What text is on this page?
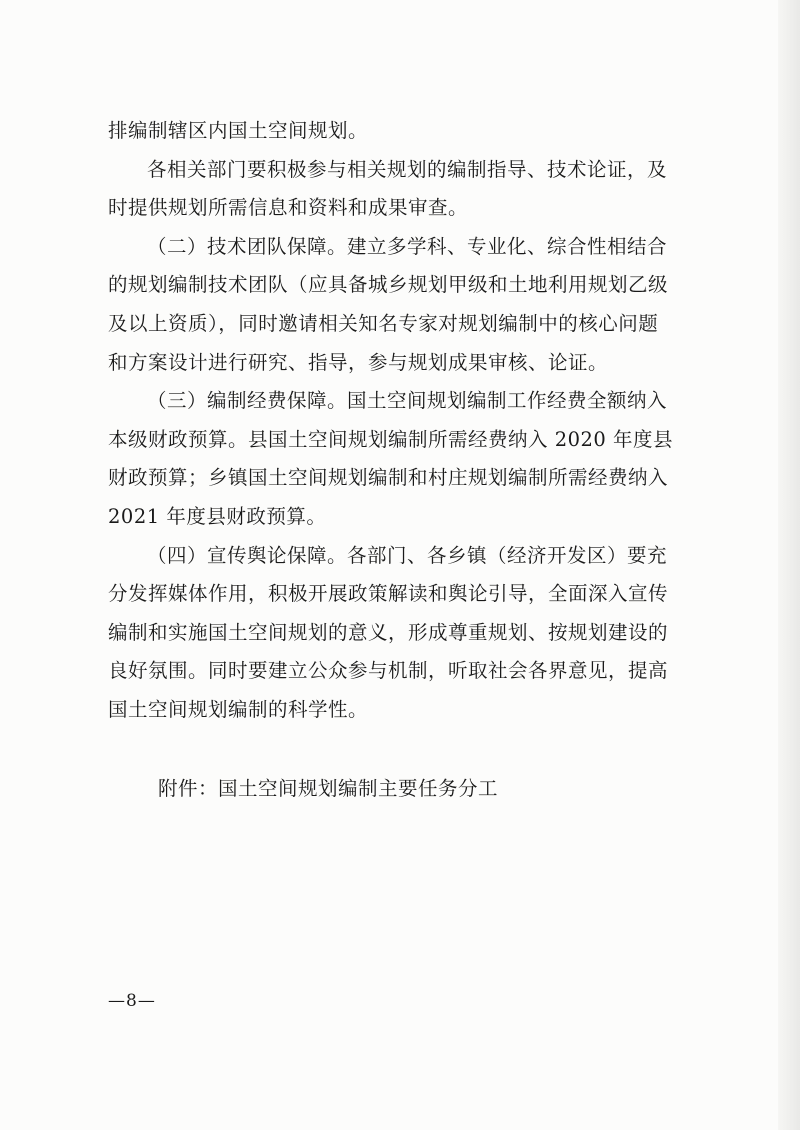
排编制辖区内国土空间规划。
各相关部门要积极参与相关规划的编制指导、技术论证，及
时提供规划所需信息和资料和成果审查。
（二）技术团队保障。建立多学科、专业化、综合性相结合
的规划编制技术团队（应具备城乡规划甲级和土地利用规划乙级
及以上资质），同时邀请相关知名专家对规划编制中的核心问题
和方案设计进行研究、指导，参与规划成果审核、论证。
（三）编制经费保障。国土空间规划编制工作经费全额纳入
本级财政预算。县国土空间规划编制所需经费纳入 2020 年度县
财政预算；乡镇国土空间规划编制和村庄规划编制所需经费纳入
2021 年度县财政预算。
（四）宣传舆论保障。各部门、各乡镇（经济开发区）要充
分发挥媒体作用，积极开展政策解读和舆论引导，全面深入宣传
编制和实施国土空间规划的意义，形成尊重规划、按规划建设的
良好氛围。同时要建立公众参与机制，听取社会各界意见，提高
国土空间规划编制的科学性。
附件：国土空间规划编制主要任务分工
—8—
